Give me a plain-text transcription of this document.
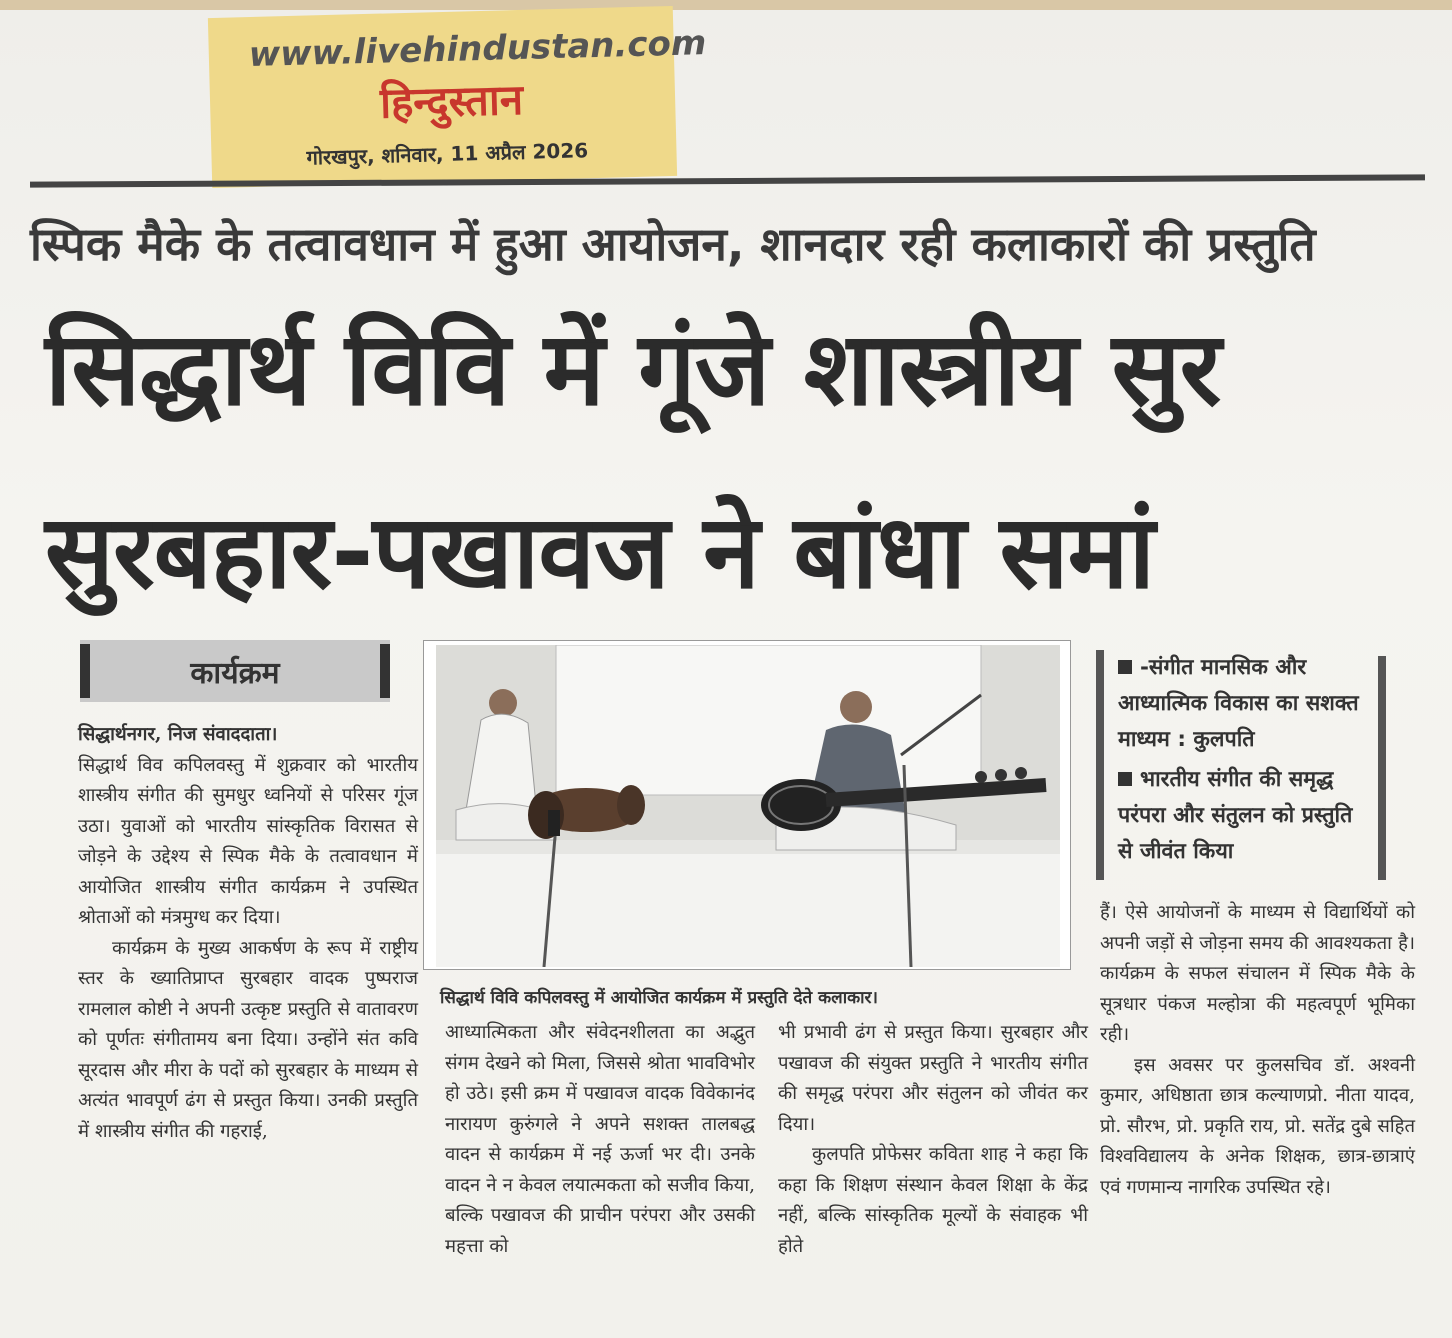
www.livehindustan.com
हिन्दुस्तान
गोरखपुर, शनिवार, 11 अप्रैल 2026
स्पिक मैके के तत्वावधान में हुआ आयोजन, शानदार रही कलाकारों की प्रस्तुति
सिद्धार्थ विवि में गूंजे शास्त्रीय सुर
सुरबहार-पखावज ने बांधा समां
कार्यक्रम

सिद्धार्थनगर, निज संवाददाता।

सिद्धार्थ विव कपिलवस्तु में शुक्रवार को भारतीय शास्त्रीय संगीत की सुमधुर ध्वनियों से परिसर गूंज उठा। युवाओं को भारतीय सांस्कृतिक विरासत से जोड़ने के उद्देश्य से स्पिक मैके के तत्वावधान में आयोजित शास्त्रीय संगीत कार्यक्रम ने उपस्थित श्रोताओं को मंत्रमुग्ध कर दिया।

कार्यक्रम के मुख्य आकर्षण के रूप में राष्ट्रीय स्तर के ख्यातिप्राप्त सुरबहार वादक पुष्पराज रामलाल कोष्टी ने अपनी उत्कृष्ट प्रस्तुति से वातावरण को पूर्णतः संगीतामय बना दिया। उन्होंने संत कवि सूरदास और मीरा के पदों को सुरबहार के माध्यम से अत्यंत भावपूर्ण ढंग से प्रस्तुत किया। उनकी प्रस्तुति में शास्त्रीय संगीत की गहराई,

सिद्धार्थ विवि कपिलवस्तु में आयोजित कार्यक्रम में प्रस्तुति देते कलाकार।
-संगीत मानसिक और आध्यात्मिक विकास का सशक्त माध्यम : कुलपति
भारतीय संगीत की समृद्ध परंपरा और संतुलन को प्रस्तुति से जीवंत किया

आध्यात्मिकता और संवेदनशीलता का अद्भुत संगम देखने को मिला, जिससे श्रोता भावविभोर हो उठे। इसी क्रम में पखावज वादक विवेकानंद नारायण कुरुंगले ने अपने सशक्त तालबद्ध वादन से कार्यक्रम में नई ऊर्जा भर दी। उनके वादन ने न केवल लयात्मकता को सजीव किया, बल्कि पखावज की प्राचीन परंपरा और उसकी महत्ता को

भी प्रभावी ढंग से प्रस्तुत किया। सुरबहार और पखावज की संयुक्त प्रस्तुति ने भारतीय संगीत की समृद्ध परंपरा और संतुलन को जीवंत कर दिया।

कुलपति प्रोफेसर कविता शाह ने कहा कि कहा कि शिक्षण संस्थान केवल शिक्षा के केंद्र नहीं, बल्कि सांस्कृतिक मूल्यों के संवाहक भी होते

हैं। ऐसे आयोजनों के माध्यम से विद्यार्थियों को अपनी जड़ों से जोड़ना समय की आवश्यकता है। कार्यक्रम के सफल संचालन में स्पिक मैके के सूत्रधार पंकज मल्होत्रा की महत्वपूर्ण भूमिका रही।

इस अवसर पर कुलसचिव डॉ. अश्वनी कुमार, अधिष्ठाता छात्र कल्याणप्रो. नीता यादव, प्रो. सौरभ, प्रो. प्रकृति राय, प्रो. सतेंद्र दुबे सहित विश्वविद्यालय के अनेक शिक्षक, छात्र-छात्राएं एवं गणमान्य नागरिक उपस्थित रहे।
